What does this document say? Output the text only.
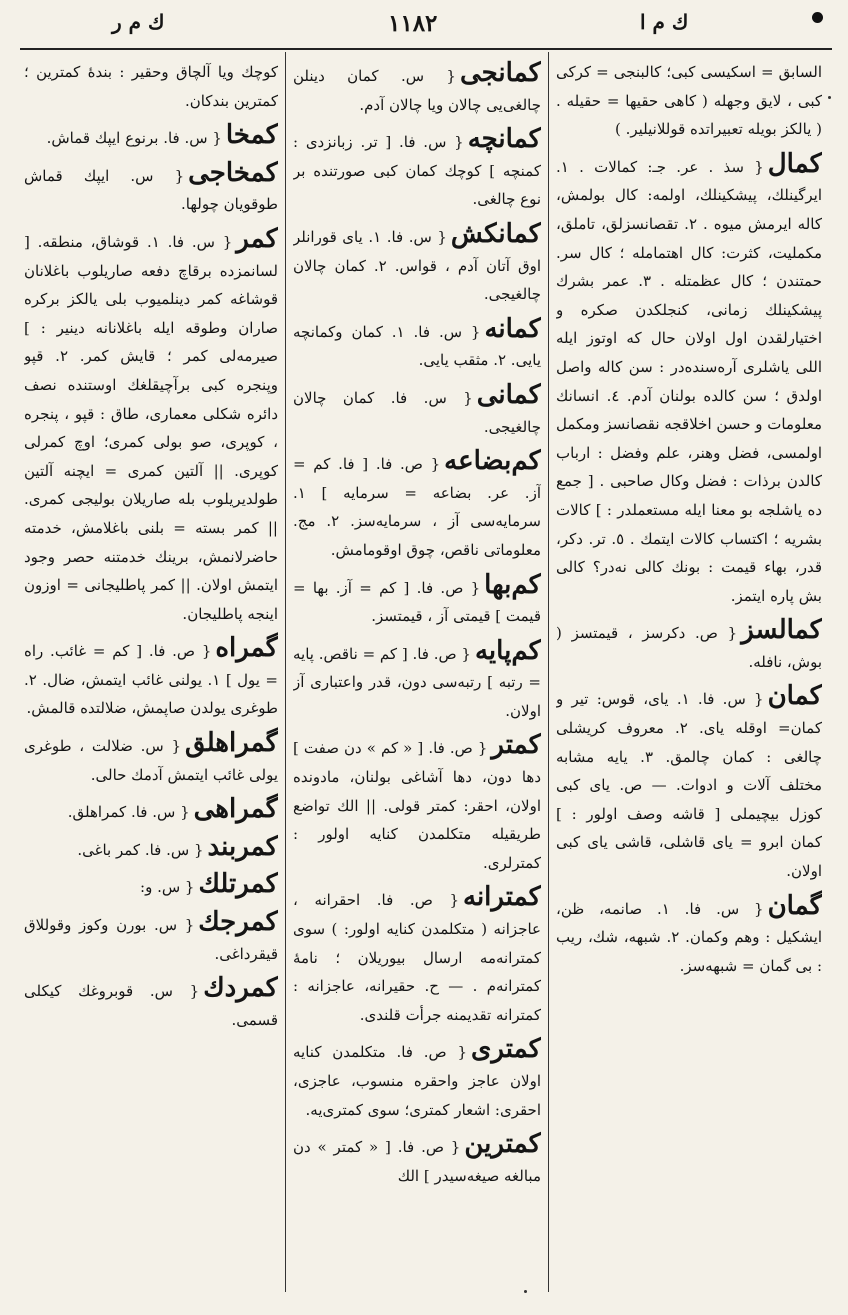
ك م ر	١١٨٢	ك م ا
السابق = اسكيسى كبى؛ كالبنجى = كركى كبى ، لايق وجهله ( كاهى حقيها = حقيله . ( يالكز بويله تعبيراتده قوللانيلير. )
كمال{ سذ . عر. جـ: كمالات . ١. ايرگينلك، پيشكينلك، اولمه: كال بولمش، كاله ايرمش ميوه . ٢. تقصانسزلق، تاملق، مكمليت، كثرت: كال اهتمامله ؛ كال سر. حمتندن ؛ كال عظمتله . ٣. عمر بشرك پيشكينلك زمانى، كنجلكدن صكره و اختيارلقدن اول اولان حال كه اوتوز ايله اللى ياشلرى آره‌سنده‌در : سن كاله واصل اولدق ؛ سن كالده بولنان آدم. ٤. انسانك معلومات و حسن اخلاقجه نقصانسز ومكمل اولمسى، فضل وهنر، علم وفضل : ارباب كالدن برذات : فضل وكال صاحبى . [ جمع ده ياشلجه بو معنا ايله مستعملدر : ] كالات بشريه ؛ اكتساب كالات ايتمك . ٥. تر. دكر، قدر، بهاء قيمت : بونك كالى نه‌در؟ كالى بش پاره ايتمز.
كمالسز{ ص. دكرسز ، قيمتسز ( بوش، نافله.
كمان{ س. فا. ١. ياى، قوس: تير و كمان= اوقله ياى. ٢. معروف كريشلى چالغى : كمان چالمق. ٣. يايه مشابه مختلف آلات و ادوات. — ص. ياى كبى كوزل بيچيملى [ قاشه وصف اولور : ] كمان ابرو = ياى قاشلى، قاشى ياى كبى اولان.
گمان{ س. فا. ١. صانمه، ظن، ايشكيل : وهم وكمان. ٢. شبهه، شك، ريب : بى گمان = شبهه‌سز.
كمانجى{ س. كمان دينلن چالغى‌يى چالان ويا چالان آدم.
كمانچه{ س. فا. [ تر. زبانزدى : كمنچه ] كوچك كمان كبى صورتنده بر نوع چالغى.
كمانكش{ س. فا. ١. ياى قورانلر اوق آتان آدم ، قواس. ٢. كمان چالان چالغيجى.
كمانه{ س. فا. ١. كمان وكمانچه يايى. ٢. مثقب يايى.
كمانى{ س. فا. كمان چالان چالغيجى.
كم‌بضاعه{ ص. فا. [ فا. كم = آز. عر. بضاعه = سرمايه ] ١. سرمايه‌سى آز ، سرمايه‌سز. ٢. مج. معلوماتى ناقص، چوق اوقومامش.
كم‌بها{ ص. فا. [ كم = آز. بها = قيمت ] قيمتى آز ، قيمتسز.
كم‌پايه{ ص. فا. [ كم = ناقص. پايه = رتبه ] رتبه‌سى دون، قدر واعتبارى آز اولان.
كمتر{ ص. فا. [ « كم » دن صفت ] دها دون، دها آشاغى بولنان، مادونده اولان، احقر: كمتر قولى. || الك تواضع طريقيله متكلمدن كنايه اولور : كمترلرى.
كمترانه{ ص. فا. احقرانه ، عاجزانه ( متكلمدن كنايه اولور: ) سوى كمترانه‌مه ارسال بيوريلان ؛ نامهٔ كمترانه‌م . — ح. حقيرانه، عاجزانه : كمترانه تقديمنه جرأت قلندى.
كمترى{ ص. فا. متكلمدن كنايه اولان عاجز واحقره منسوب، عاجزى، احقرى: اشعار كمترى؛ سوى كمترى‌يه.
كمترين{ ص. فا. [ « كمتر » دن مبالغه صيغه‌سيدر ] الك
كوچك ويا آلچاق وحقير : بندهٔ كمترين ؛ كمترين بندكان.
كمخا{ س. فا. برنوع ايپك قماش.
كمخاجى{ س. ايپك قماش طوقويان چولها.
كمر{ س. فا. ١. قوشاق، منطقه. [ لسانمزده برقاچ دفعه صاريلوب باغلانان قوشاغه كمر دينلميوب بلى يالكز بركره صاران وطوقه ايله باغلانانه دينير : ] صيرمه‌لى كمر ؛ قايش كمر. ٢. قپو وپنجره كبى برآچيقلغك اوستنده نصف دائره شكلى معمارى، طاق : قپو ، پنجره ، كوپرى، صو بولى كمرى؛ اوچ كمرلى كوپرى. || آلتين كمرى = ايچنه آلتين طولديريلوب بله صاريلان بوليجى كمرى. || كمر بسته = بلنى باغلامش، خدمته حاضرلانمش، برينك خدمتنه حصر وجود ايتمش اولان. || كمر پاطليجانى = اوزون اينجه پاطليجان.
گمراه{ ص. فا. [ كم = غائب. راه = يول ] ١. يولنى غائب ايتمش، ضال. ٢. طوغرى يولدن صاپمش، ضلالتده قالمش.
گمراهلق{ س. ضلالت ، طوغرى يولى غائب ايتمش آدمك حالى.
گمراهى{ س. فا. كمراهلق.
كمربند{ س. فا. كمر باغى.
كمرتلك{ س. و:
كمرجك{ س. بورن وكوز وقوللاق قيقرداغى.
كمردك{ س. قوبروغك كيكلى قسمى.
